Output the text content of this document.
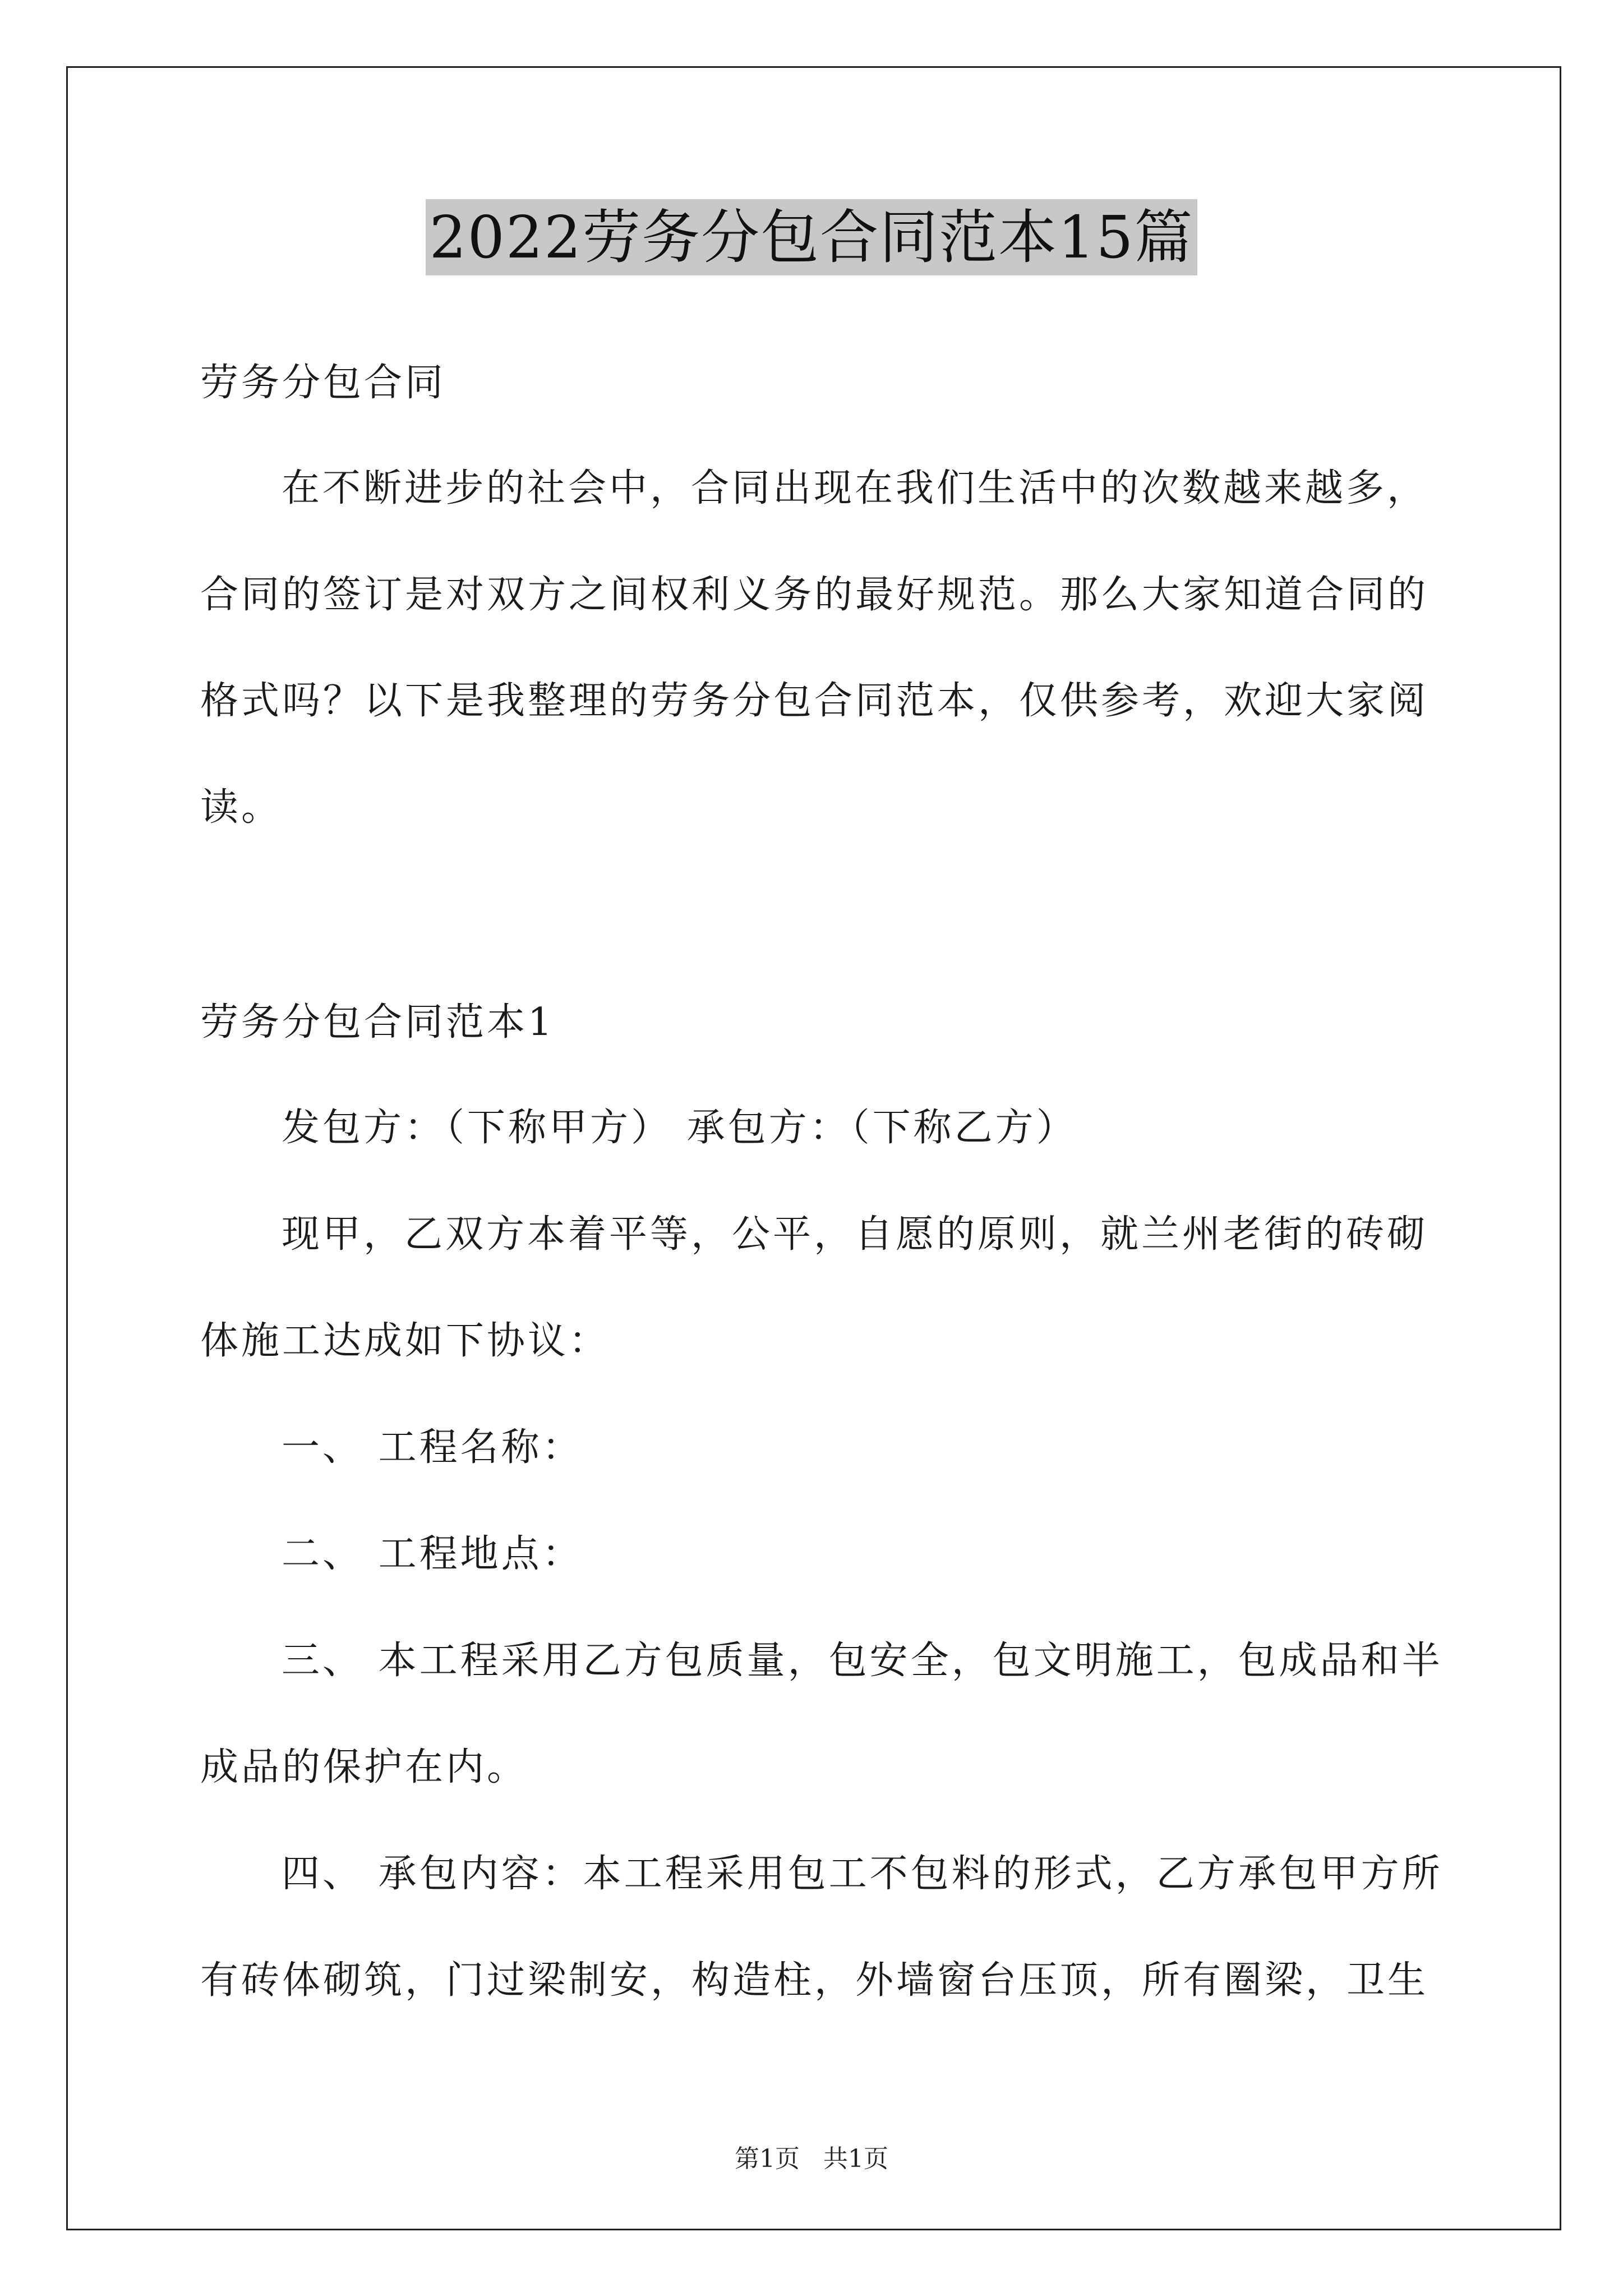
2022劳务分包合同范本15篇
劳务分包合同
在不断进步的社会中，合同出现在我们生活中的次数越来越多，
合同的签订是对双方之间权利义务的最好规范。那么大家知道合同的
格式吗？以下是我整理的劳务分包合同范本，仅供参考，欢迎大家阅
读。
劳务分包合同范本1
发包方：（下称甲方） 承包方：（下称乙方）
现甲，乙双方本着平等，公平，自愿的原则，就兰州老街的砖砌
体施工达成如下协议：
一、 工程名称：
二、 工程地点：
三、 本工程采用乙方包质量，包安全，包文明施工，包成品和半
成品的保护在内。
四、 承包内容：本工程采用包工不包料的形式，乙方承包甲方所
有砖体砌筑，门过梁制安，构造柱，外墙窗台压顶，所有圈梁，卫生
第1页 共1页
